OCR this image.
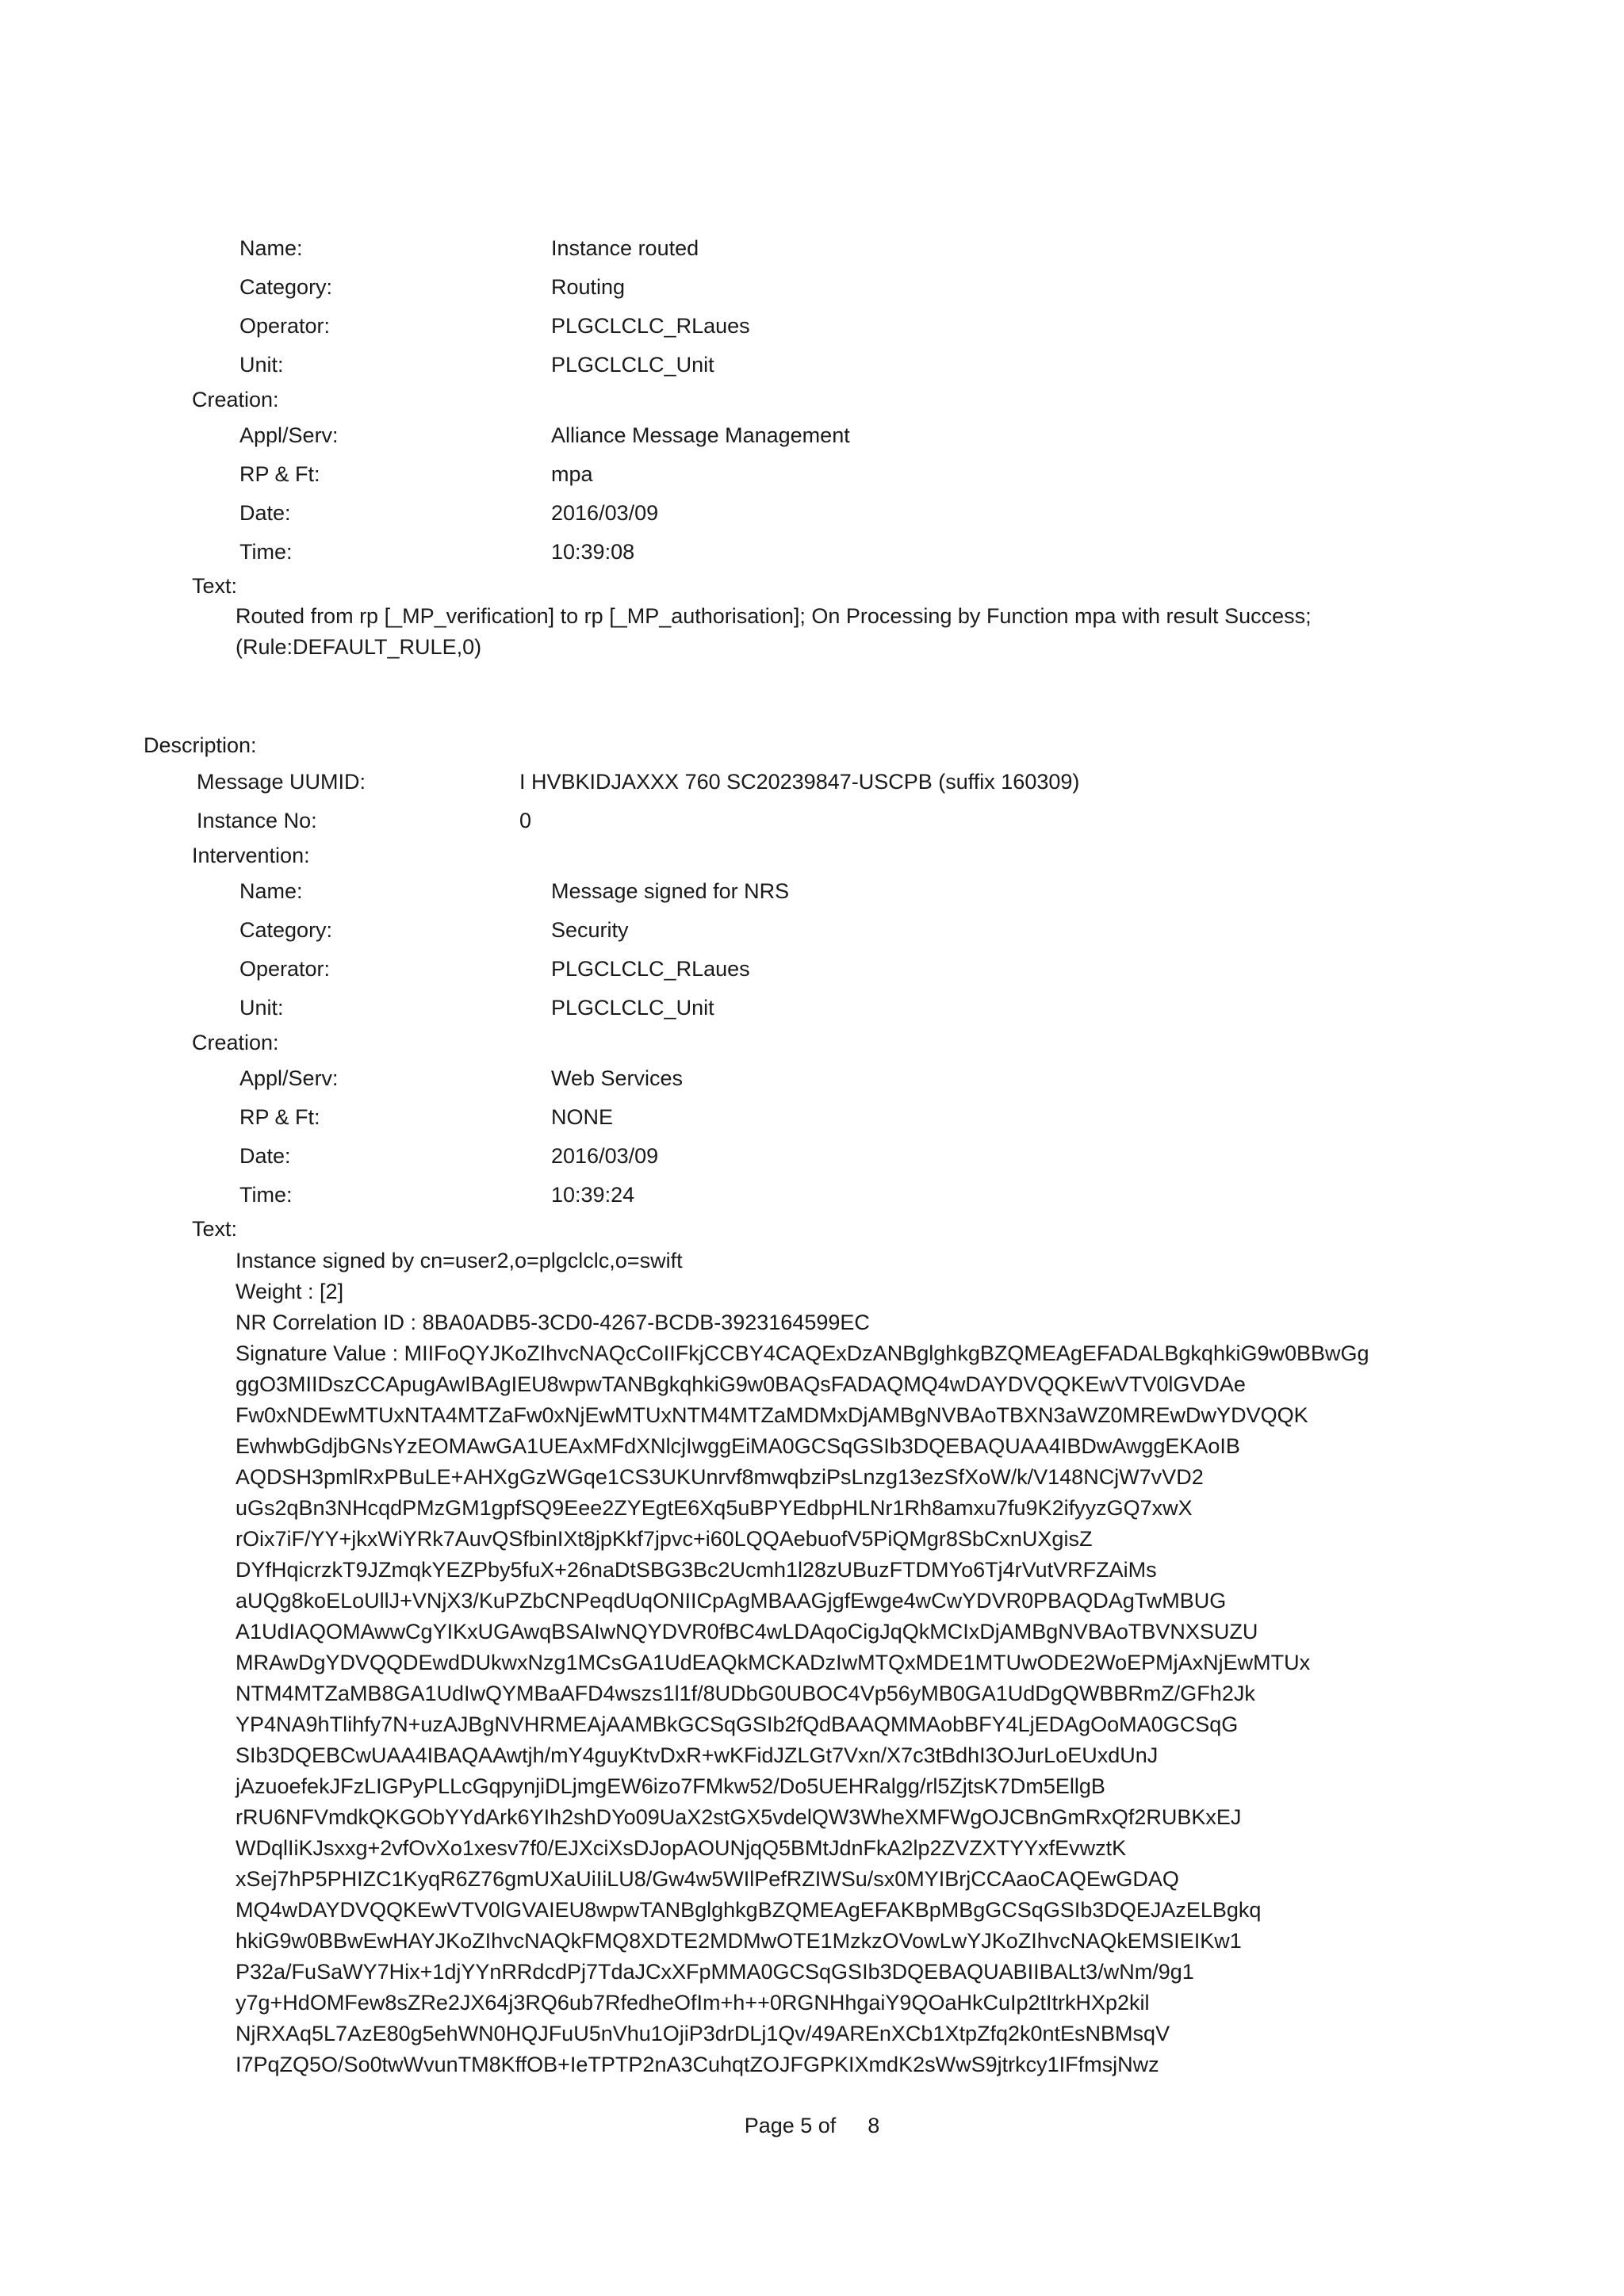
Name:	Instance routed
Category:	Routing
Operator:	PLGCLCLC_RLaues
Unit:	PLGCLCLC_Unit
Creation:
Appl/Serv:	Alliance Message Management
RP & Ft:	mpa
Date:	2016/03/09
Time:	10:39:08
Text:
Routed from rp [_MP_verification] to rp [_MP_authorisation]; On Processing by Function mpa with result Success;
(Rule:DEFAULT_RULE,0)
Description:
Message UUMID:	I HVBKIDJAXXX 760 SC20239847-USCPB (suffix 160309)
Instance No:	0
Intervention:
Name:	Message signed for NRS
Category:	Security
Operator:	PLGCLCLC_RLaues
Unit:	PLGCLCLC_Unit
Creation:
Appl/Serv:	Web Services
RP & Ft:	NONE
Date:	2016/03/09
Time:	10:39:24
Text:
Instance signed by cn=user2,o=plgclclc,o=swift
Weight : [2]
NR Correlation ID : 8BA0ADB5-3CD0-4267-BCDB-3923164599EC
Signature Value : MIIFoQYJKoZIhvcNAQcCoIIFkjCCBY4CAQExDzANBglghkgBZQMEAgEFADALBgkqhkiG9w0BBwGg
ggO3MIIDszCCApugAwIBAgIEU8wpwTANBgkqhkiG9w0BAQsFADAQMQ4wDAYDVQQKEwVTV0lGVDAe
Fw0xNDEwMTUxNTA4MTZaFw0xNjEwMTUxNTM4MTZaMDMxDjAMBgNVBAoTBXN3aWZ0MREwDwYDVQQK
EwhwbGdjbGNsYzEOMAwGA1UEAxMFdXNlcjIwggEiMA0GCSqGSIb3DQEBAQUAA4IBDwAwggEKAoIB
AQDSH3pmlRxPBuLE+AHXgGzWGqe1CS3UKUnrvf8mwqbziPsLnzg13ezSfXoW/k/V148NCjW7vVD2
uGs2qBn3NHcqdPMzGM1gpfSQ9Eee2ZYEgtE6Xq5uBPYEdbpHLNr1Rh8amxu7fu9K2ifyyzGQ7xwX
rOix7iF/YY+jkxWiYRk7AuvQSfbinIXt8jpKkf7jpvc+i60LQQAebuofV5PiQMgr8SbCxnUXgisZ
DYfHqicrzkT9JZmqkYEZPby5fuX+26naDtSBG3Bc2Ucmh1l28zUBuzFTDMYo6Tj4rVutVRFZAiMs
aUQg8koELoUllJ+VNjX3/KuPZbCNPeqdUqONIICpAgMBAAGjgfEwge4wCwYDVR0PBAQDAgTwMBUG
A1UdIAQOMAwwCgYIKxUGAwqBSAIwNQYDVR0fBC4wLDAqoCigJqQkMCIxDjAMBgNVBAoTBVNXSUZU
MRAwDgYDVQQDEwdDUkwxNzg1MCsGA1UdEAQkMCKADzIwMTQxMDE1MTUwODE2WoEPMjAxNjEwMTUx
NTM4MTZaMB8GA1UdIwQYMBaAFD4wszs1l1f/8UDbG0UBOC4Vp56yMB0GA1UdDgQWBBRmZ/GFh2Jk
YP4NA9hTlihfy7N+uzAJBgNVHRMEAjAAMBkGCSqGSIb2fQdBAAQMMAobBFY4LjEDAgOoMA0GCSqG
SIb3DQEBCwUAA4IBAQAAwtjh/mY4guyKtvDxR+wKFidJZLGt7Vxn/X7c3tBdhI3OJurLoEUxdUnJ
jAzuoefekJFzLIGPyPLLcGqpynjiDLjmgEW6izo7FMkw52/Do5UEHRalgg/rl5ZjtsK7Dm5EllgB
rRU6NFVmdkQKGObYYdArk6YIh2shDYo09UaX2stGX5vdelQW3WheXMFWgOJCBnGmRxQf2RUBKxEJ
WDqlIiKJsxxg+2vfOvXo1xesv7f0/EJXciXsDJopAOUNjqQ5BMtJdnFkA2lp2ZVZXTYYxfEvwztK
xSej7hP5PHIZC1KyqR6Z76gmUXaUiIiLU8/Gw4w5WIlPefRZIWSu/sx0MYIBrjCCAaoCAQEwGDAQ
MQ4wDAYDVQQKEwVTV0lGVAIEU8wpwTANBglghkgBZQMEAgEFAKBpMBgGCSqGSIb3DQEJAzELBgkq
hkiG9w0BBwEwHAYJKoZIhvcNAQkFMQ8XDTE2MDMwOTE1MzkzOVowLwYJKoZIhvcNAQkEMSIEIKw1
P32a/FuSaWY7Hix+1djYYnRRdcdPj7TdaJCxXFpMMA0GCSqGSIb3DQEBAQUABIIBALt3/wNm/9g1
y7g+HdOMFew8sZRe2JX64j3RQ6ub7RfedheOfIm+h++0RGNHhgaiY9QOaHkCuIp2tItrkHXp2kil
NjRXAq5L7AzE80g5ehWN0HQJFuU5nVhu1OjiP3drDLj1Qv/49AREnXCb1XtpZfq2k0ntEsNBMsqV
I7PqZQ5O/So0twWvunTM8KffOB+IeTPTP2nA3CuhqtZOJFGPKIXmdK2sWwS9jtrkcy1IFfmsjNwz
Page 5 of 8
